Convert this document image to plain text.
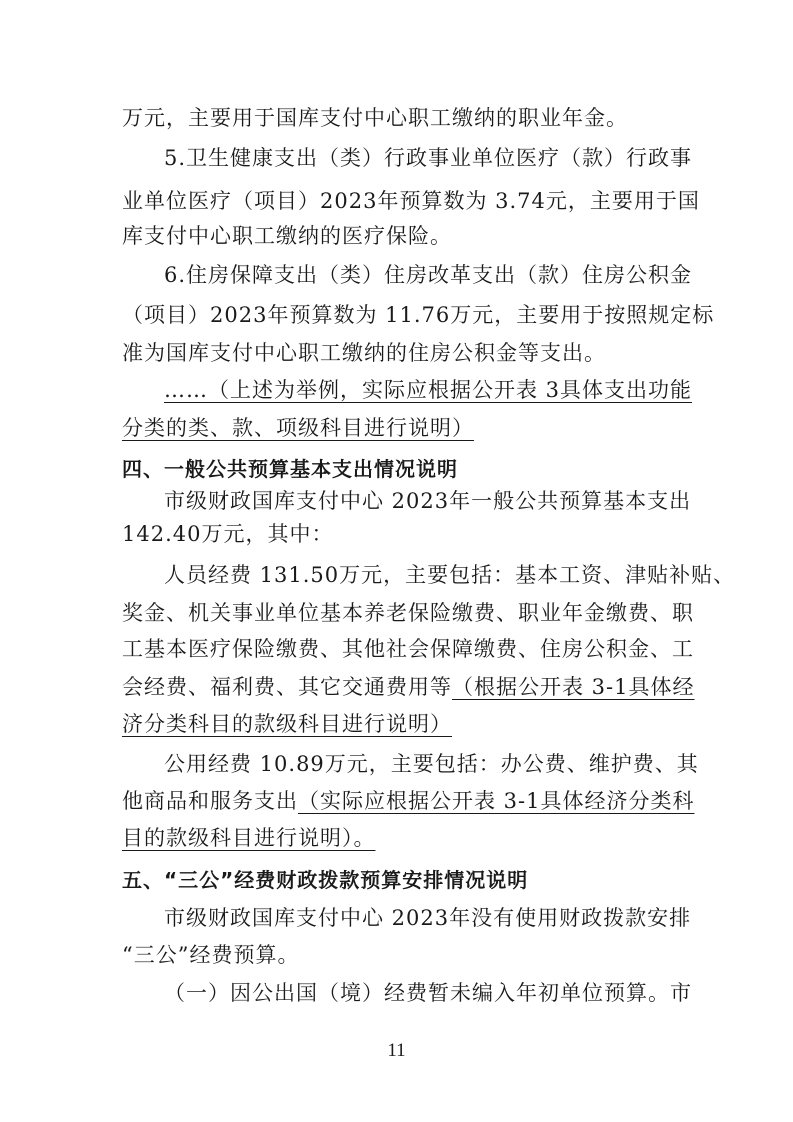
万元，主要用于国库支付中心职工缴纳的职业年金。
5.卫生健康支出（类）行政事业单位医疗（款）行政事
业单位医疗（项目）2023年预算数为 3.74元，主要用于国
库支付中心职工缴纳的医疗保险。
6.住房保障支出（类）住房改革支出（款）住房公积金
（项目）2023年预算数为 11.76万元，主要用于按照规定标
准为国库支付中心职工缴纳的住房公积金等支出。
……（上述为举例，实际应根据公开表 3具体支出功能
分类的类、款、项级科目进行说明）
四、一般公共预算基本支出情况说明
市级财政国库支付中心 2023年一般公共预算基本支出
142.40万元，其中：
人员经费 131.50万元，主要包括：基本工资、津贴补贴、
奖金、机关事业单位基本养老保险缴费、职业年金缴费、职
工基本医疗保险缴费、其他社会保障缴费、住房公积金、工
会经费、福利费、其它交通费用等（根据公开表 3-1具体经
济分类科目的款级科目进行说明）
公用经费 10.89万元，主要包括：办公费、维护费、其
他商品和服务支出（实际应根据公开表 3-1具体经济分类科
目的款级科目进行说明）。
五、“三公”经费财政拨款预算安排情况说明
市级财政国库支付中心 2023年没有使用财政拨款安排
“三公”经费预算。
（一）因公出国（境）经费暂未编入年初单位预算。市
11
